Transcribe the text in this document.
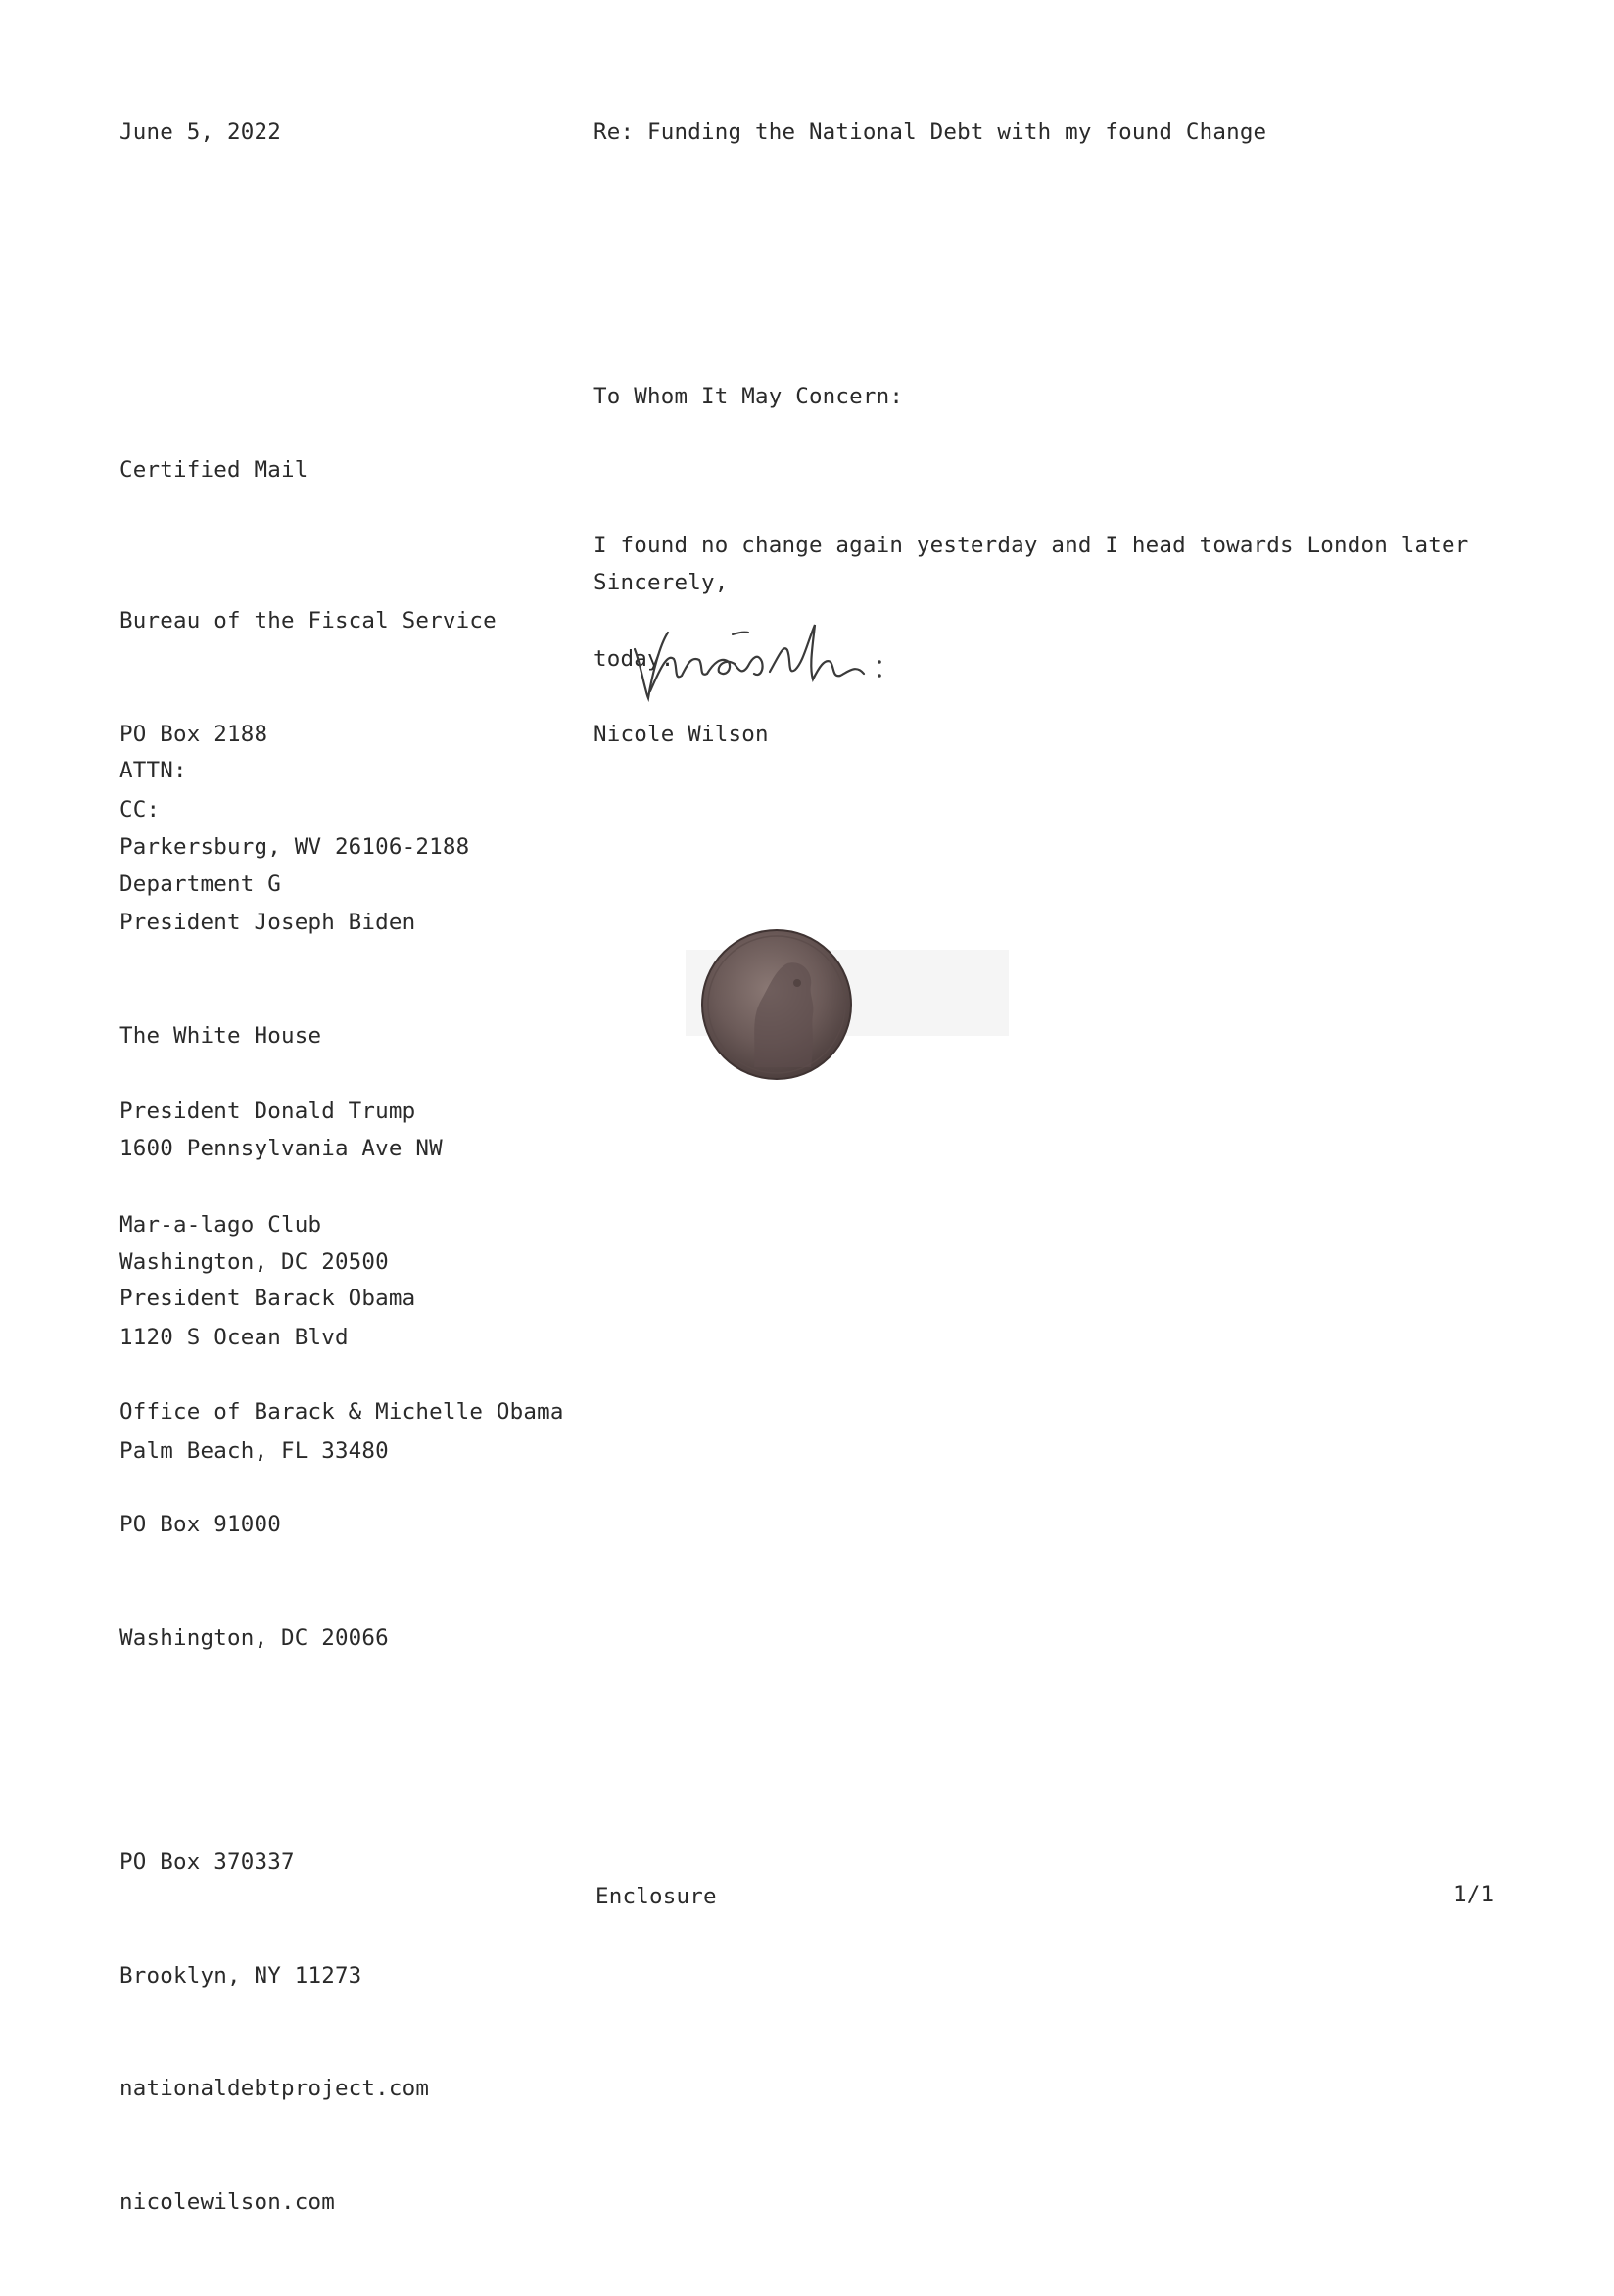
June 5, 2022	Re: Funding the National Debt with my found Change
To Whom It May Concern:
Certified Mail

I found no change again yesterday and I head towards London later

today.

Bureau of the Fiscal Service

PO Box 2188

Parkersburg, WV 26106-2188

Sincerely,
Nicole Wilson

ATTN:

Department G

CC:

President Joseph Biden

The White House

1600 Pennsylvania Ave NW

Washington, DC 20500

President Donald Trump

Mar-a-lago Club

1120 S Ocean Blvd

Palm Beach, FL 33480

President Barack Obama

Office of Barack & Michelle Obama

PO Box 91000

Washington, DC 20066

PO Box 370337

Brooklyn, NY 11273

nationaldebtproject.com

nicolewilson.com

Enclosure	1/1
